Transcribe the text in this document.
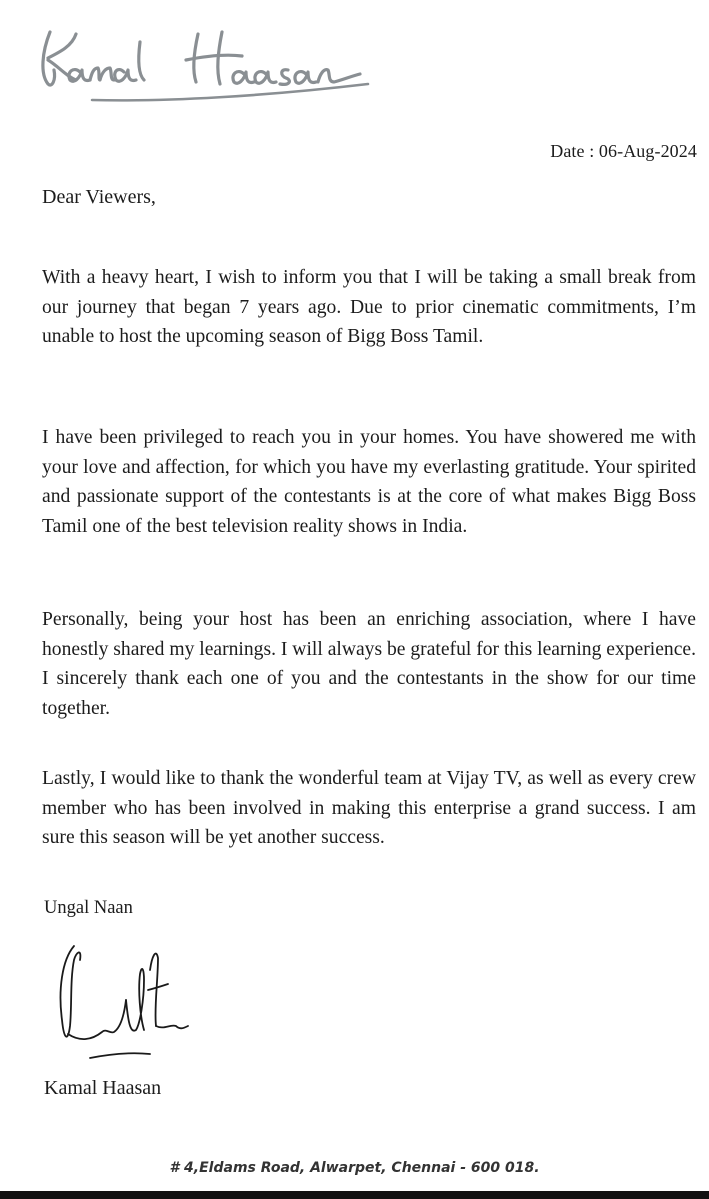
Date : 06-Aug-2024
Dear Viewers,

With a heavy heart, I wish to inform you that I will be taking a small break from our journey that began 7 years ago. Due to prior cinematic commitments, I’m unable to host the upcoming season of Bigg Boss Tamil.

I have been privileged to reach you in your homes. You have showered me with your love and affection, for which you have my everlasting gratitude. Your spirited and passionate support of the contestants is at the core of what makes Bigg Boss Tamil one of the best television reality shows in India.

Personally, being your host has been an enriching association, where I have honestly shared my learnings. I will always be grateful for this learning experience. I sincerely thank each one of you and the contestants in the show for our time together.

Lastly, I would like to thank the wonderful team at Vijay TV, as well as every crew member who has been involved in making this enterprise a grand success. I am sure this season will be yet another success.

Ungal Naan
Kamal Haasan
# 4,Eldams Road, Alwarpet, Chennai - 600 018.
